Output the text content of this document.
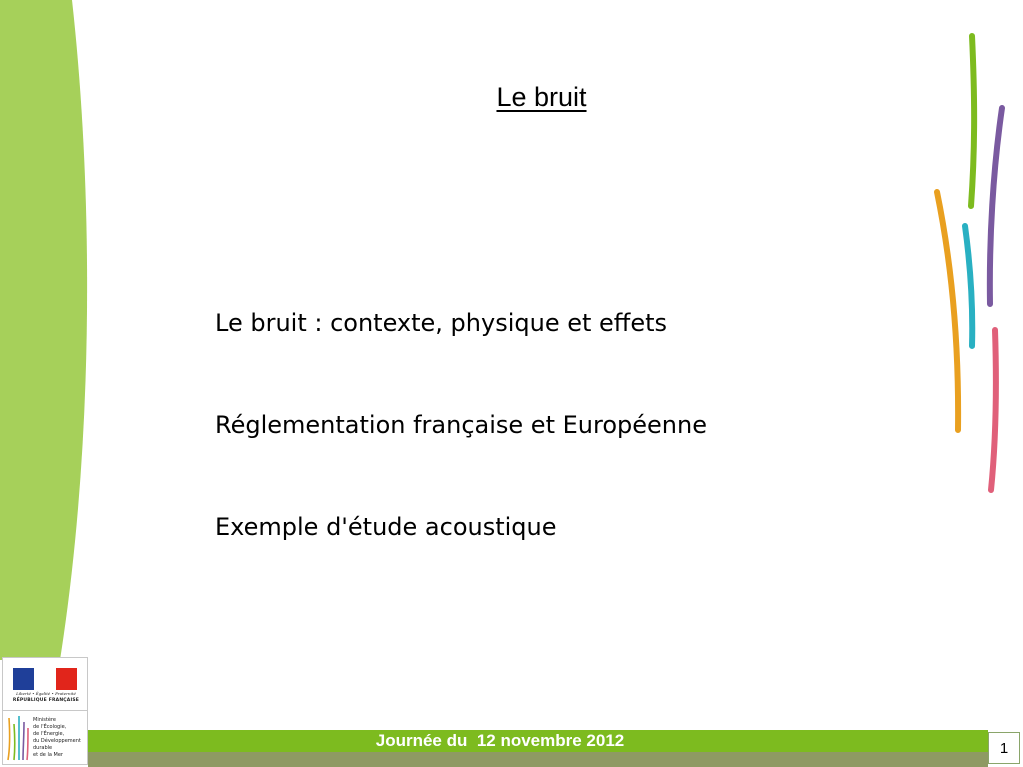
Le bruit
Le bruit : contexte, physique et effets
Réglementation française et Européenne
Exemple d'étude acoustique
Journée du  12 novembre 2012	1
Liberté • Égalité • Fraternité
RÉPUBLIQUE FRANÇAISE
Ministère
de l'Écologie,
de l'Énergie,
du Développement
durable
et de la Mer
